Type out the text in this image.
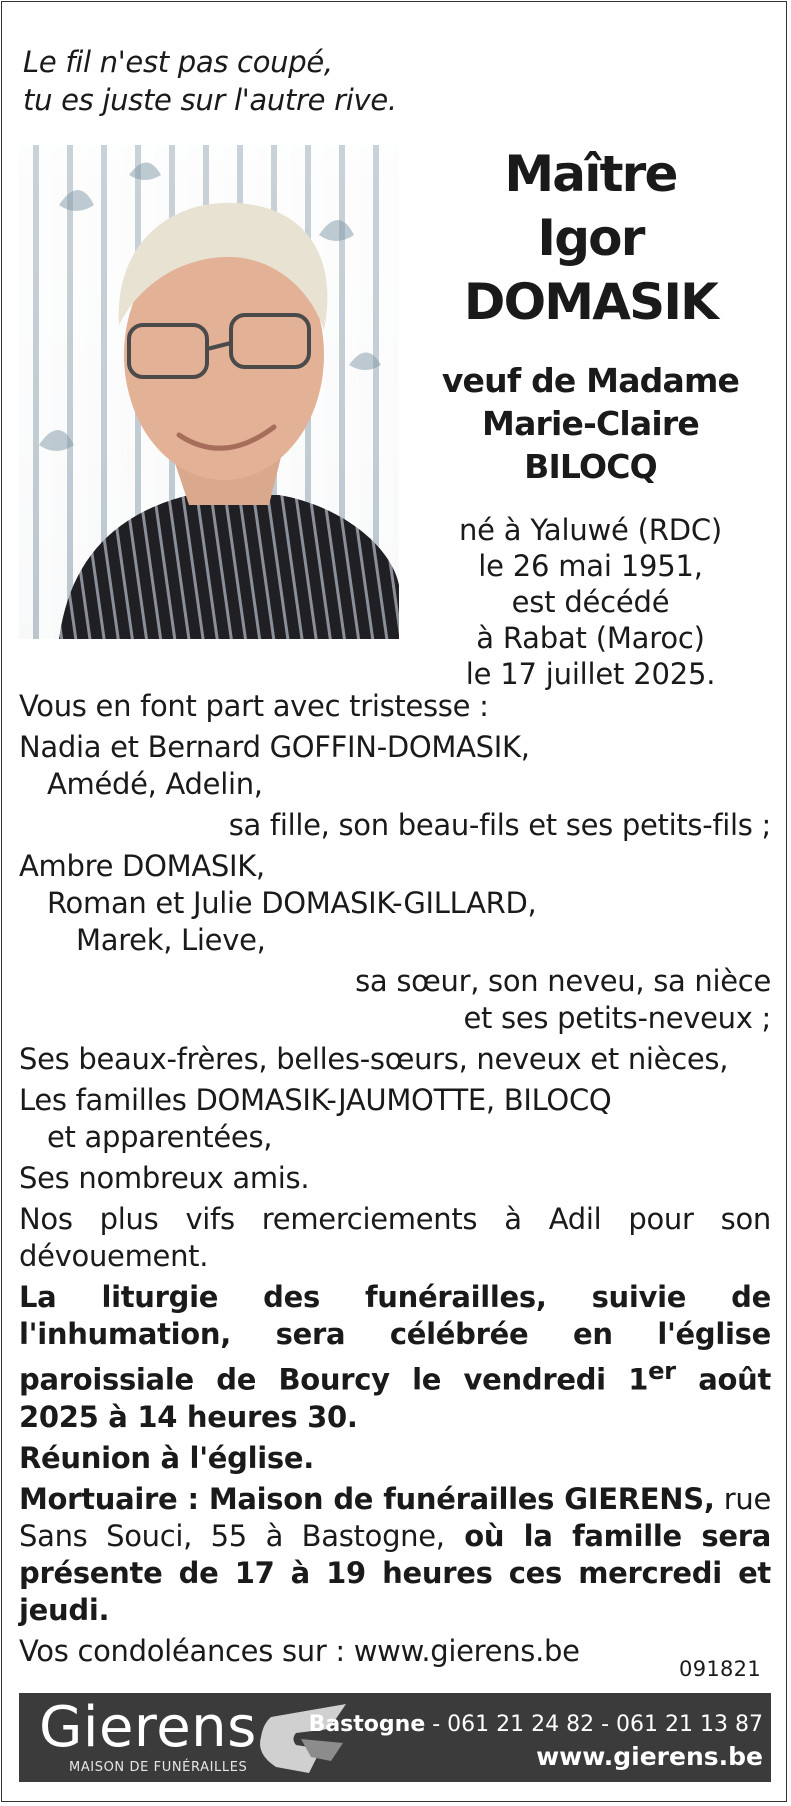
Le fil n'est pas coupé,
tu es juste sur l'autre rive.
Maître
Igor
DOMASIK
veuf de Madame
Marie-Claire BILOCQ
né à Yaluwé (RDC)
le 26 mai 1951,
est décédé
à Rabat (Maroc)
le 17 juillet 2025.

Vous en font part avec tristesse :

Nadia et Bernard GOFFIN-DOMASIK,

Amédé, Adelin,

sa fille, son beau-fils et ses petits-fils ;

Ambre DOMASIK,

Roman et Julie DOMASIK-GILLARD,

Marek, Lieve,

sa sœur, son neveu, sa nièce

et ses petits-neveux ;

Ses beaux-frères, belles-sœurs, neveux et nièces,

Les familles DOMASIK-JAUMOTTE, BILOCQ

et apparentées,

Ses nombreux amis.

Nos plus vifs remerciements à Adil pour son dévouement.

La liturgie des funérailles, suivie de l'inhumation, sera célébrée en l'église paroissiale de Bourcy le vendredi 1er août 2025 à 14 heures 30.

Réunion à l'église.

Mortuaire : Maison de funérailles GIERENS, rue Sans Souci, 55 à Bastogne, où la famille sera présente de 17 à 19 heures ces mercredi et jeudi.

Vos condoléances sur : www.gierens.be

091821
Gierens
MAISON DE FUNÉRAILLES
Bastogne - 061 21 24 82 - 061 21 13 87
www.gierens.be
